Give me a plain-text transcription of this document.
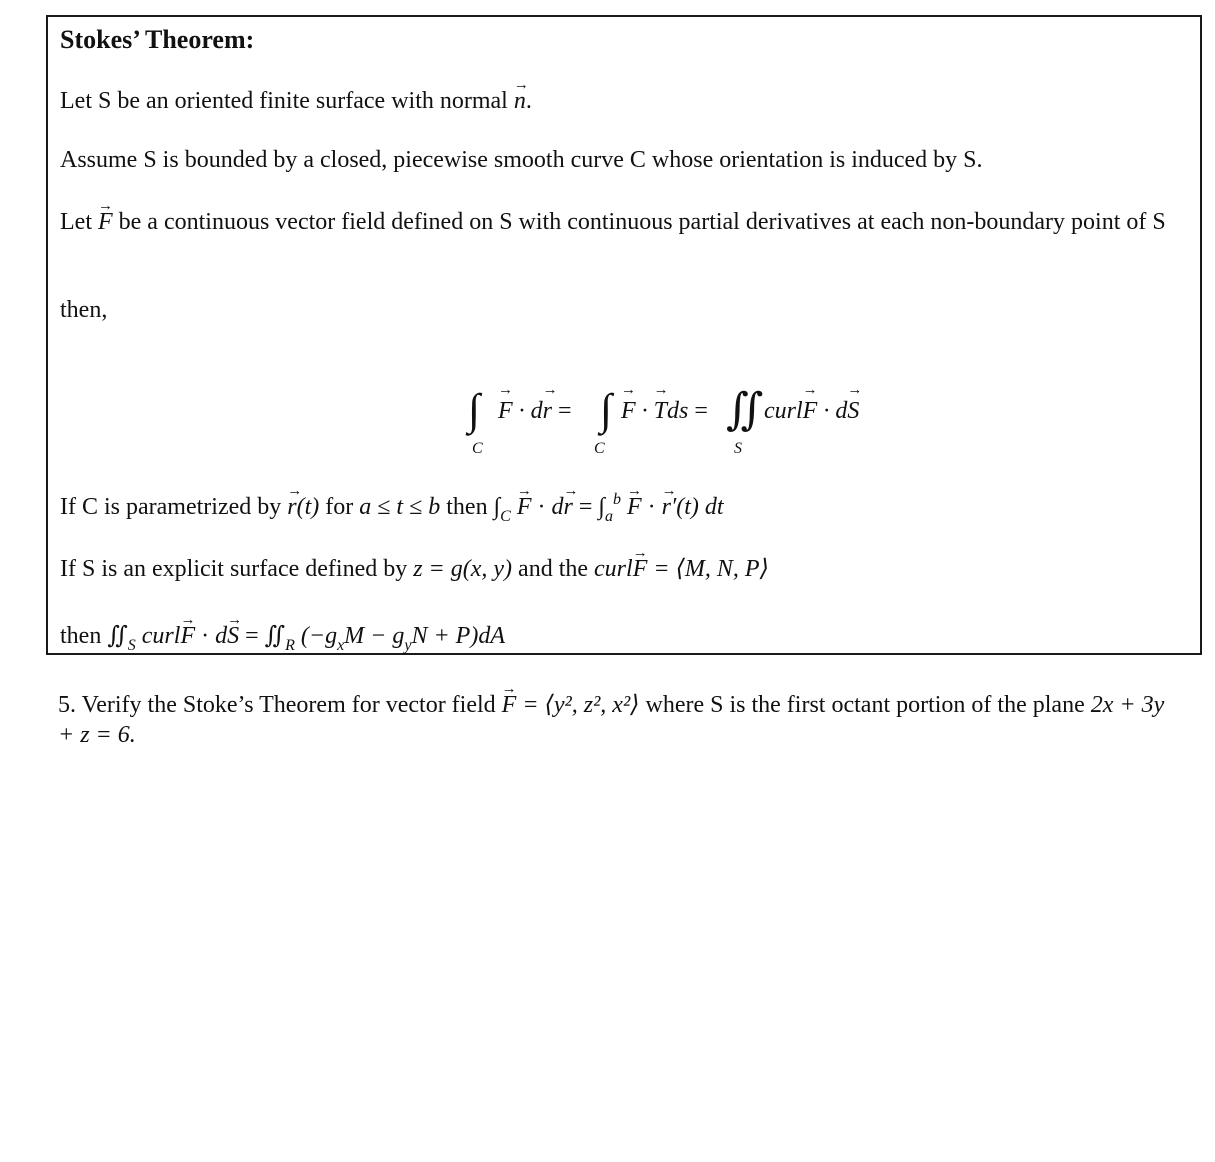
Stokes’ Theorem:
Let S be an oriented finite surface with normal n →.
Assume S is bounded by a closed, piecewise smooth curve C whose orientation is induced by S.
Let F → be a continuous vector field defined on S with continuous partial derivatives at each non-boundary point of S
then,
∫
C
F → · dr → = ∫
C
F → · T →ds = ∬
S
curlF → · dS →
If C is parametrized by r →(t) for a ≤ t ≤ b then $\int_C$ F → · dr → = $\int_a^b$ F → · r →′(t) dt
If S is an explicit surface defined by z = g(x, y) and the curlF → = ⟨M, N, P⟩
then $∬_S$ curlF → · dS → = $∬_R$ $(-g_xM - g_yN + P)dA$
5. Verify the Stoke’s Theorem for vector field F → = ⟨y², z², x²⟩ where S is the first octant portion of the plane 2x + 3y + z = 6.
